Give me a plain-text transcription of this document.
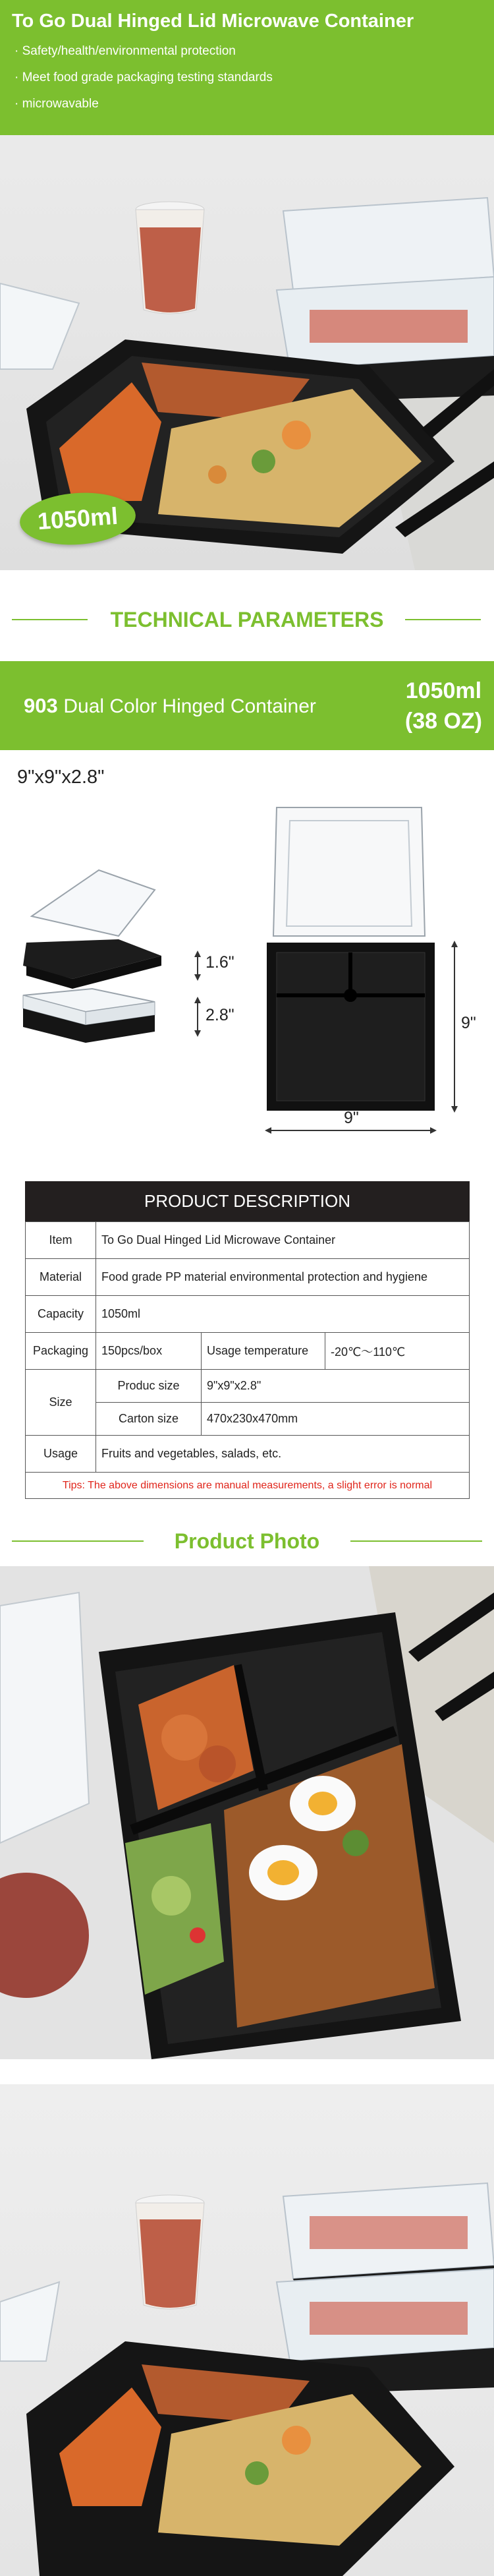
To Go Dual Hinged Lid Microwave Container
· Safety/health/environmental protection
· Meet food grade packaging testing standards
· microwavable
1050ml
TECHNICAL PARAMETERS
903 Dual Color Hinged Container
1050ml
(38 OZ)
9"x9"x2.8"
1.6"
2.8"	9"
9"
PRODUCT DESCRIPTION
Item	To Go Dual Hinged Lid Microwave Container		
Material	Food grade PP material environmental protection and hygiene		
Capacity	1050ml		
Packaging	150pcs/box	Usage temperature	-20℃～110℃
Size	Produc size	9"x9"x2.8"	
	Carton size	470x230x470mm	
Usage	Fruits and vegetables, salads, etc.		
Tips: The above dimensions are manual measurements, a slight error is normal			
Product Photo
